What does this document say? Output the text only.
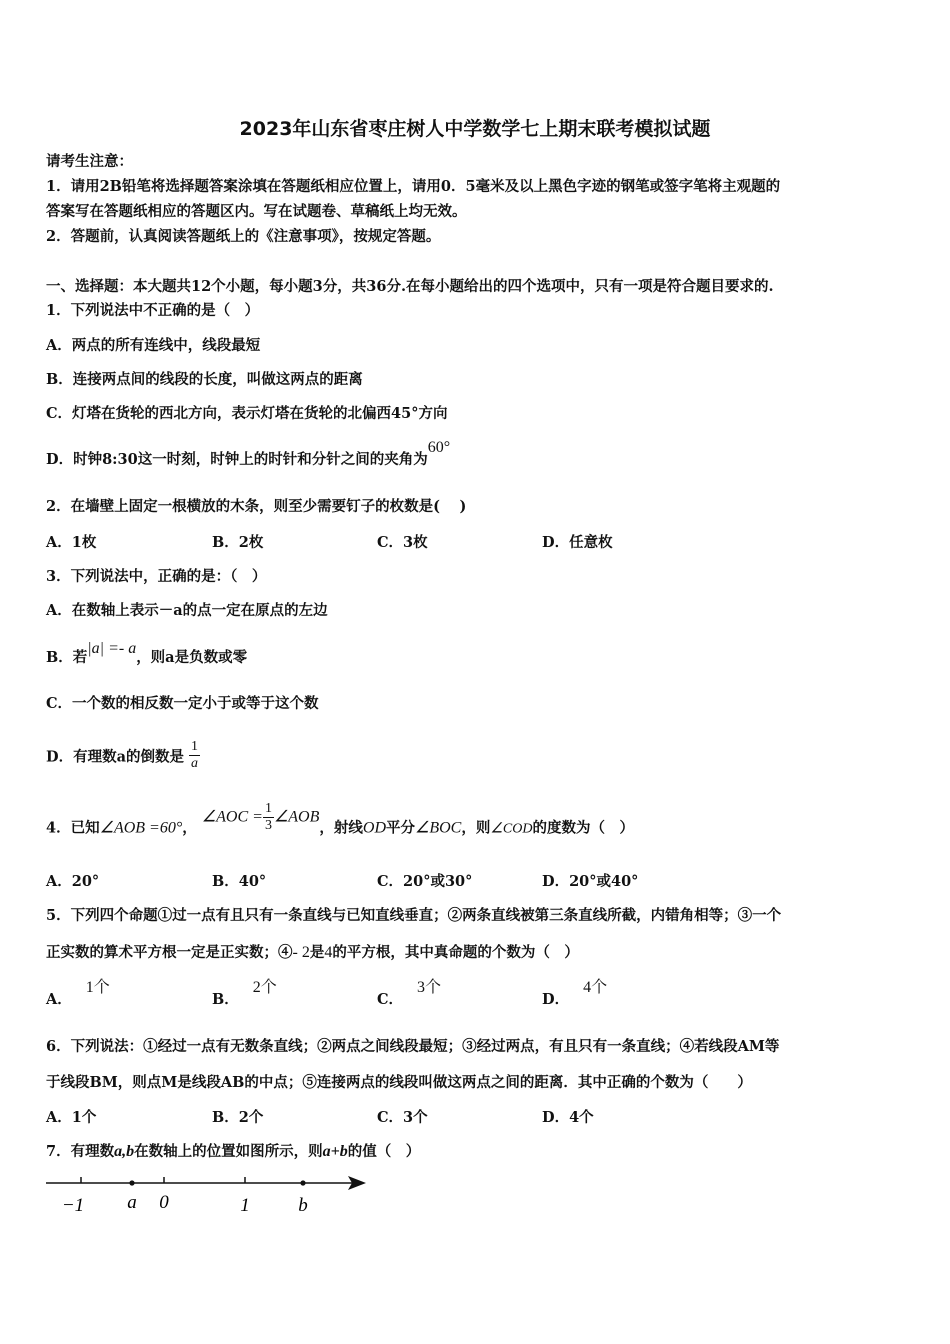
2023年山东省枣庄树人中学数学七上期末联考模拟试题
请考生注意：
1．请用2B铅笔将选择题答案涂填在答题纸相应位置上，请用0．5毫米及以上黑色字迹的钢笔或签字笔将主观题的
答案写在答题纸相应的答题区内。写在试题卷、草稿纸上均无效。
2．答题前，认真阅读答题纸上的《注意事项》，按规定答题。
一、选择题：本大题共12个小题，每小题3分，共36分.在每小题给出的四个选项中，只有一项是符合题目要求的.
1．下列说法中不正确的是（　）
A．两点的所有连线中，线段最短
B．连接两点间的线段的长度，叫做这两点的距离
C．灯塔在货轮的西北方向，表示灯塔在货轮的北偏西45°方向
D．时钟8:30这一时刻，时钟上的时针和分针之间的夹角为60°
2．在墙壁上固定一根横放的木条，则至少需要钉子的枚数是(　 )
A．1枚	B．2枚	C．3枚	D．任意枚
3．下列说法中，正确的是：（　）
A．在数轴上表示－a的点一定在原点的左边
B．若|a| =- a，则a是负数或零
C．一个数的相反数一定小于或等于这个数
D．有理数a的倒数是 $\frac{1}{a}$
4．已知∠AOB =60°， ∠AOC = $\frac{1}{3}$ ∠AOB，射线OD平分∠BOC，则∠COD的度数为（　）
A．20°	B．40°	C．20°或30°	D．20°或40°
5．下列四个命题①过一点有且只有一条直线与已知直线垂直；②两条直线被第三条直线所截，内错角相等；③一个
正实数的算术平方根一定是正实数；④- 2是4的平方根，其中真命题的个数为（　）
A．1个
B．2个
C．3个
D．4个
6．下列说法：①经过一点有无数条直线；②两点之间线段最短；③经过两点，有且只有一条直线；④若线段AM等
于线段BM，则点M是线段AB的中点；⑤连接两点的线段叫做这两点之间的距离．其中正确的个数为（　　）
A．1个	B．2个	C．3个	D．4个
7．有理数a,b在数轴上的位置如图所示，则a+b的值（　）
−1 a 0	1	b
